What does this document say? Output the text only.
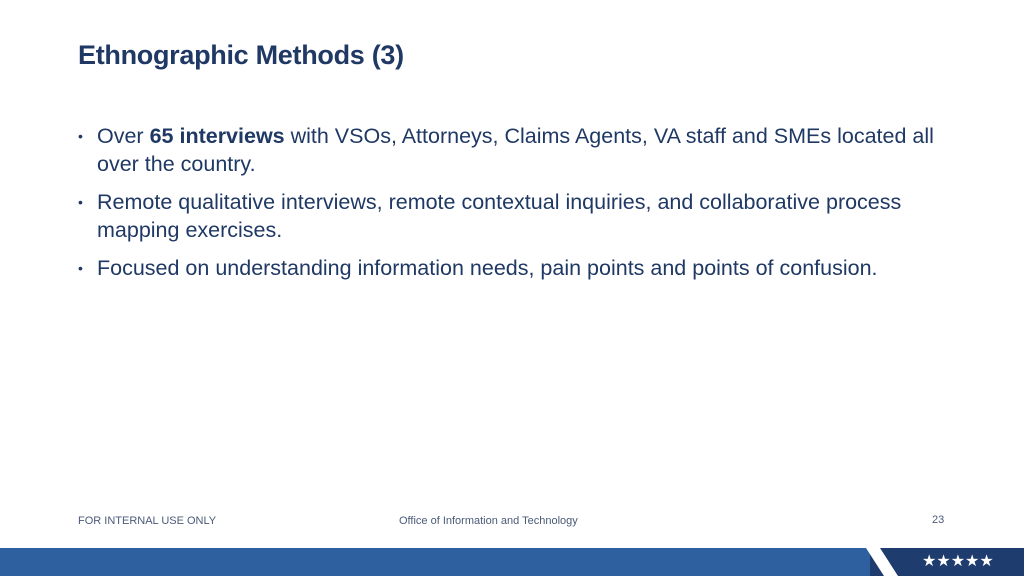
Ethnographic Methods (3)
• Over 65 interviews with VSOs, Attorneys, Claims Agents, VA staff and SMEs located all over the country.
• Remote qualitative interviews, remote contextual inquiries, and collaborative process mapping exercises.
• Focused on understanding information needs, pain points and points of confusion.
FOR INTERNAL USE ONLY	Office of Information and Technology	23
★★★★★
